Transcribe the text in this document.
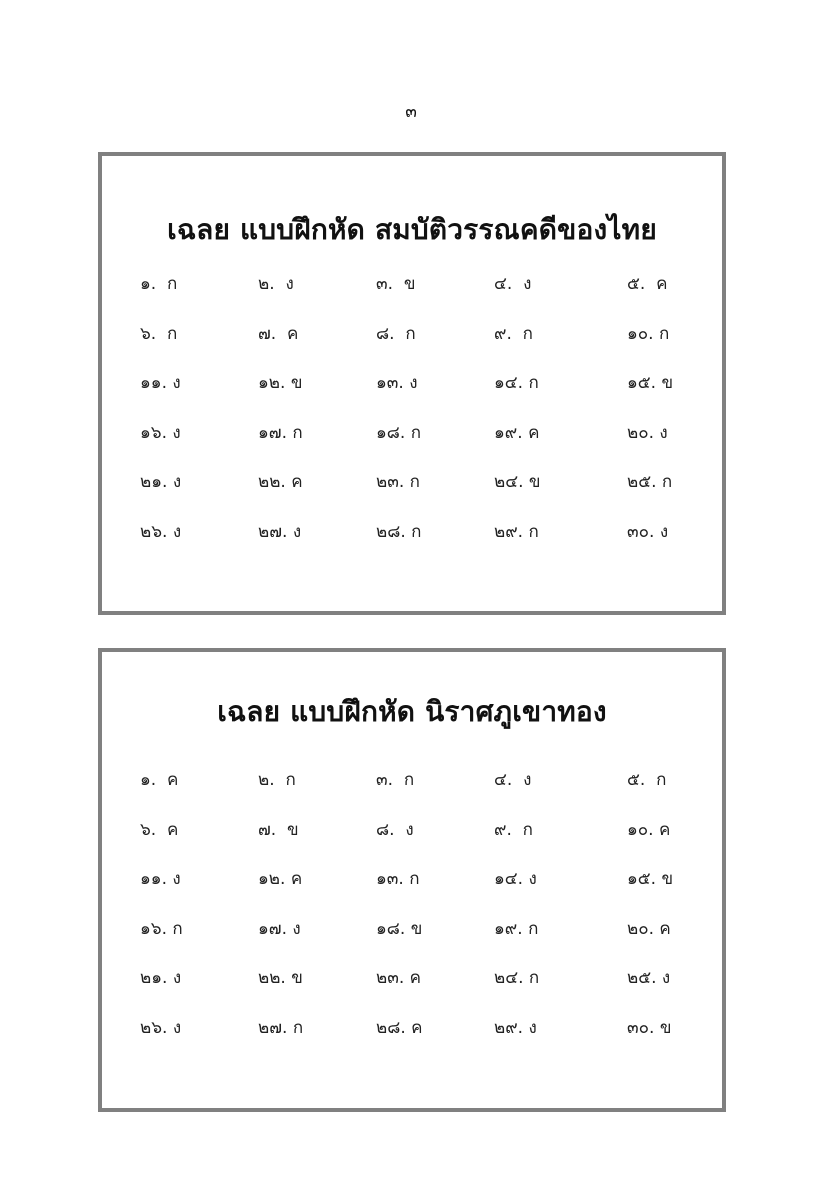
๓
เฉลย แบบฝึกหัด สมบัติวรรณคดีของไทย
๑. ก	๒. ง	๓. ข	๔. ง	๕. ค
๖. ก	๗. ค	๘. ก	๙. ก	๑๐. ก
๑๑. ง	๑๒. ข	๑๓. ง	๑๔. ก	๑๕. ข
๑๖. ง	๑๗. ก	๑๘. ก	๑๙. ค	๒๐. ง
๒๑. ง	๒๒. ค	๒๓. ก	๒๔. ข	๒๕. ก
๒๖. ง	๒๗. ง	๒๘. ก	๒๙. ก	๓๐. ง
เฉลย แบบฝึกหัด นิราศภูเขาทอง
๑. ค	๒. ก	๓. ก	๔. ง	๕. ก
๖. ค	๗. ข	๘. ง	๙. ก	๑๐. ค
๑๑. ง	๑๒. ค	๑๓. ก	๑๔. ง	๑๕. ข
๑๖. ก	๑๗. ง	๑๘. ข	๑๙. ก	๒๐. ค
๒๑. ง	๒๒. ข	๒๓. ค	๒๔. ก	๒๕. ง
๒๖. ง	๒๗. ก	๒๘. ค	๒๙. ง	๓๐. ข
